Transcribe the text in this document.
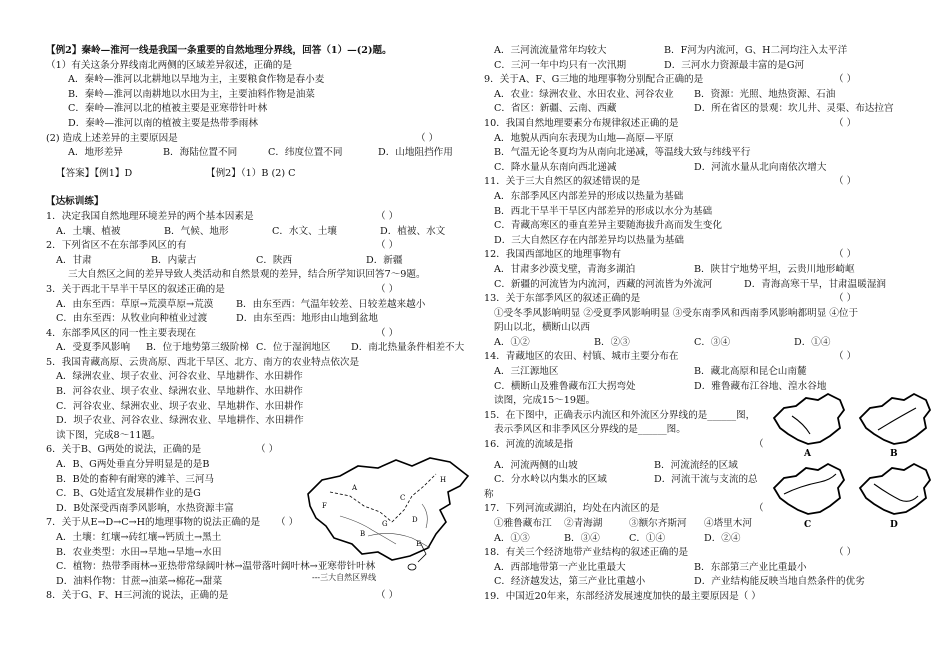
【例2】秦岭—淮河一线是我国一条重要的自然地理分界线，回答（1）—(2)题。
（1）有关这条分界线南北两侧的区域差异叙述，正确的是
A．秦岭—淮河以北耕地以旱地为主，主要粮食作物是春小麦
B．秦岭—淮河以南耕地以水田为主，主要油料作物是油菜
C．秦岭—淮河以北的植被主要是亚寒带针叶林
D．秦岭—淮河以南的植被主要是热带季雨林
(2) 造成上述差异的主要原因是	（ ）
A．地形差异	B．海陆位置不同	C．纬度位置不同	D．山地阻挡作用
【答案】【例1】D	【例2】（1）B (2) C
【达标训练】
1．决定我国自然地理环境差异的两个基本因素是	（ ）
A．土壤、植被	B．气候、地形	C．水文、土壤	D．植被、水文
2．下列省区不在东部季风区的有	（ ）
A．甘肃	B．内蒙古	C．陕西	D．新疆
三大自然区之间的差异导致人类活动和自然景观的差异，结合所学知识回答7～9题。
3．关于西北干旱半干旱区的叙述正确的是	（ ）
A．由东至西：草原→荒漠草原→荒漠	B．由东至西：气温年较差、日较差越来越小
C．由东至西：从牧业向种植业过渡	D．由东至西：地形由山地到盆地
4．东部季风区的同一性主要表现在	（ ）
A．受夏季风影响	B．位于地势第三级阶梯 C．位于湿润地区	D．南北热量条件相差不大
5．我国青藏高原、云贵高原、西北干旱区、北方、南方的农业特点依次是
A．绿洲农业、坝子农业、河谷农业、旱地耕作、水田耕作
B．河谷农业、坝子农业、绿洲农业、旱地耕作、水田耕作
C．河谷农业、绿洲农业、坝子农业、旱地耕作、水田耕作
D．坝子农业、河谷农业、绿洲农业、旱地耕作、水田耕作
读下图，完成8～11题。
6．关于B、G两处的说法，正确的是	（ ）
A．B、G两处垂直分异明显是的是B
B．B处的畜种有耐寒的滩羊、三河马
C．B、G处适宜发展耕作业的是G
D．B处深受西南季风影响，水热资源丰富
7．关于从E→D→C→H的地理事物的说法正确的是	（ ）
A．土壤：红壤→砖红壤→钙质土→黑土
B．农业类型：水田→旱地→旱地→水田
C．植物：热带季雨林→亚热带常绿阔叶林→温带落叶阔叶林→亚寒带针叶林
D．油料作物：甘蔗→油菜→棉花→甜菜
8．关于G、F、H三河流的说法，正确的是	（ ）
A
B
C
D
E
F
G
H
---三大自然区界线
A．三河流流量常年均较大	B．F河为内流河，G、H二河均注入太平洋
C．三河一年中均只有一次汛期	D．三河水力资源最丰富的是G河
9．关于A、F、G三地的地理事物分别配合正确的是	（ ）
A．农业：绿洲农业、水田农业、河谷农业	B．资源：光照、地热资源、石油
C．省区：新疆、云南、西藏	D．所在省区的景观：坎儿井、灵渠、布达拉宫
10．我国自然地理要素分布规律叙述正确的是	（ ）
A．地貌从西向东表现为山地—高原—平原
B．气温无论冬夏均为从南向北递减，等温线大致与纬线平行
C．降水量从东南向西北递减	D．河流水量从北向南依次增大
11．关于三大自然区的叙述错误的是	（ ）
A．东部季风区内部差异的形成以热量为基础
B．西北干旱半干旱区内部差异的形成以水分为基础
C．青藏高寒区的垂直差异主要随海拔升高而发生变化
D．三大自然区存在内部差异均以热量为基础
12．我国西部地区的地理事物有	（ ）
A．甘肃多沙漠戈壁，青海多湖泊	B．陕甘宁地势平坦，云贵川地形崎岖
C．新疆的河流皆为内流河，西藏的河流皆为外流河	D．青海高寒干旱，甘肃温暖湿润
13．关于东部季风区的叙述正确的是	（ ）
①受冬季风影响明显 ②受夏季风影响明显 ③受东南季风和西南季风影响都明显 ④位于
阴山以北，横断山以西
A．①②	B．②③	C．③④	D．①④
14．青藏地区的农田、村镇、城市主要分布在	（ ）
A．三江源地区	B．藏北高原和昆仑山南麓
C．横断山及雅鲁藏布江大拐弯处	D．雅鲁藏布江谷地、湟水谷地
读图，完成15～19题。
15．在下图中，正确表示内流区和外流区分界线的是______图，
表示季风区和非季风区分界线的是______图。
16．河流的流域是指	（
A．河流两侧的山坡	B．河流流经的区域
C．分水岭以内集水的区域	D．河流干流与支流的总
称
17．下列河流或湖泊，均处在内流区的是	（
①雅鲁藏布江	②青海湖	③额尔齐斯河	④塔里木河
A．①③	B．③④	C．①④	D．②④
18．有关三个经济地带产业结构的叙述正确的是	（ ）
A．西部地带第一产业比重最大	B．东部第三产业比重最小
C．经济越发达，第三产业比重越小	D．产业结构能反映当地自然条件的优劣
19．中国近20年来，东部经济发展速度加快的最主要原因是（ ）
A	B
C	D
